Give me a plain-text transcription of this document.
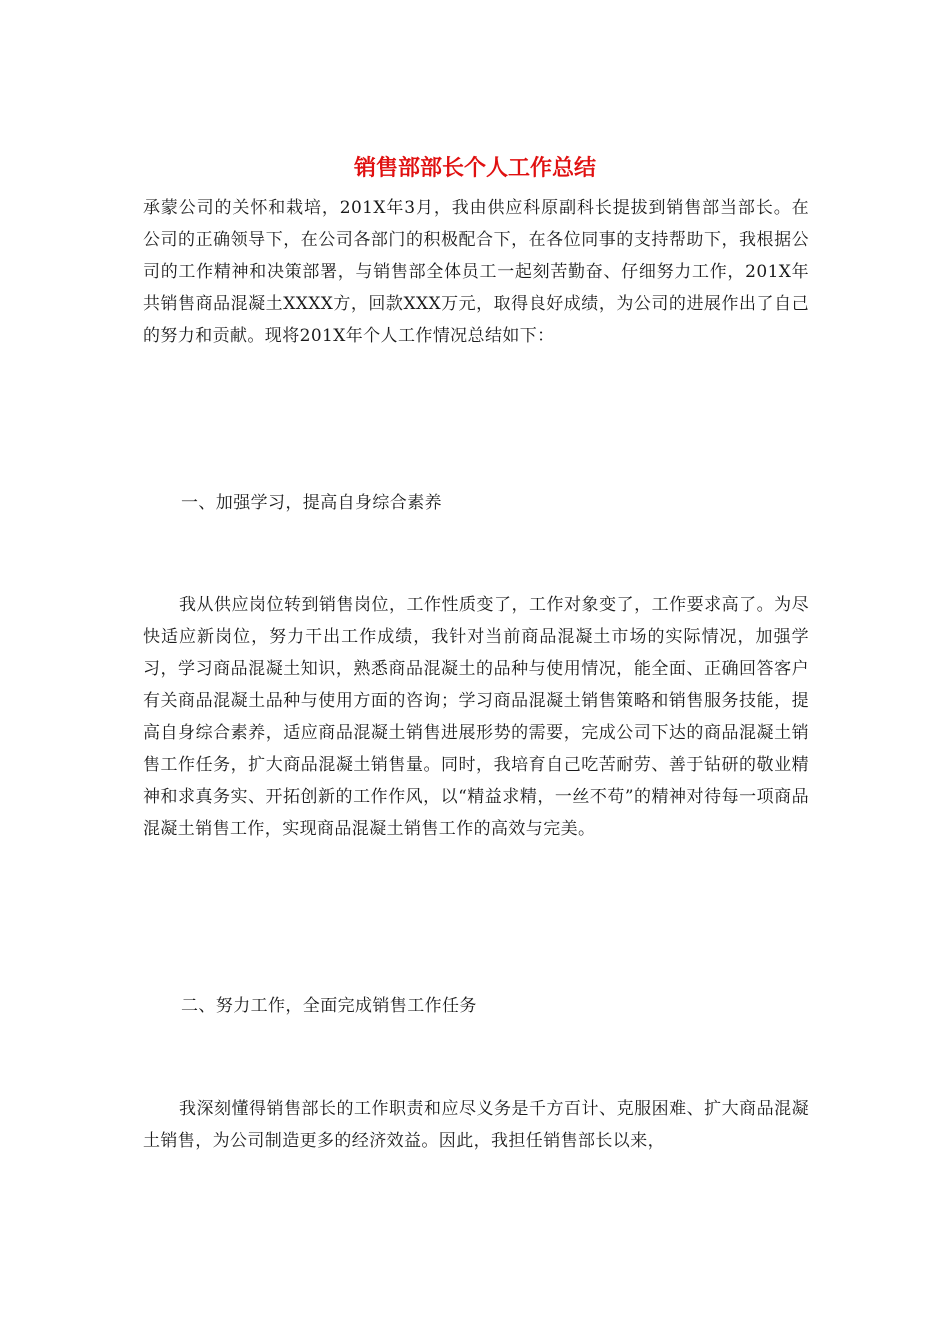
销售部部长个人工作总结

承蒙公司的关怀和栽培，201X年3月，我由供应科原副科长提拔到销售部当部长。在公司的正确领导下，在公司各部门的积极配合下，在各位同事的支持帮助下，我根据公司的工作精神和决策部署，与销售部全体员工一起刻苦勤奋、仔细努力工作，201X年共销售商品混凝土XXXX方，回款XXX万元，取得良好成绩，为公司的进展作出了自己的努力和贡献。现将201X年个人工作情况总结如下：

一、加强学习，提高自身综合素养

我从供应岗位转到销售岗位，工作性质变了，工作对象变了，工作要求高了。为尽快适应新岗位，努力干出工作成绩，我针对当前商品混凝土市场的实际情况，加强学习，学习商品混凝土知识，熟悉商品混凝土的品种与使用情况，能全面、正确回答客户有关商品混凝土品种与使用方面的咨询；学习商品混凝土销售策略和销售服务技能，提高自身综合素养，适应商品混凝土销售进展形势的需要，完成公司下达的商品混凝土销售工作任务，扩大商品混凝土销售量。同时，我培育自己吃苦耐劳、善于钻研的敬业精神和求真务实、开拓创新的工作作风，以“精益求精，一丝不苟”的精神对待每一项商品混凝土销售工作，实现商品混凝土销售工作的高效与完美。

二、努力工作，全面完成销售工作任务

我深刻懂得销售部长的工作职责和应尽义务是千方百计、克服困难、扩大商品混凝土销售，为公司制造更多的经济效益。因此，我担任销售部长以来，
